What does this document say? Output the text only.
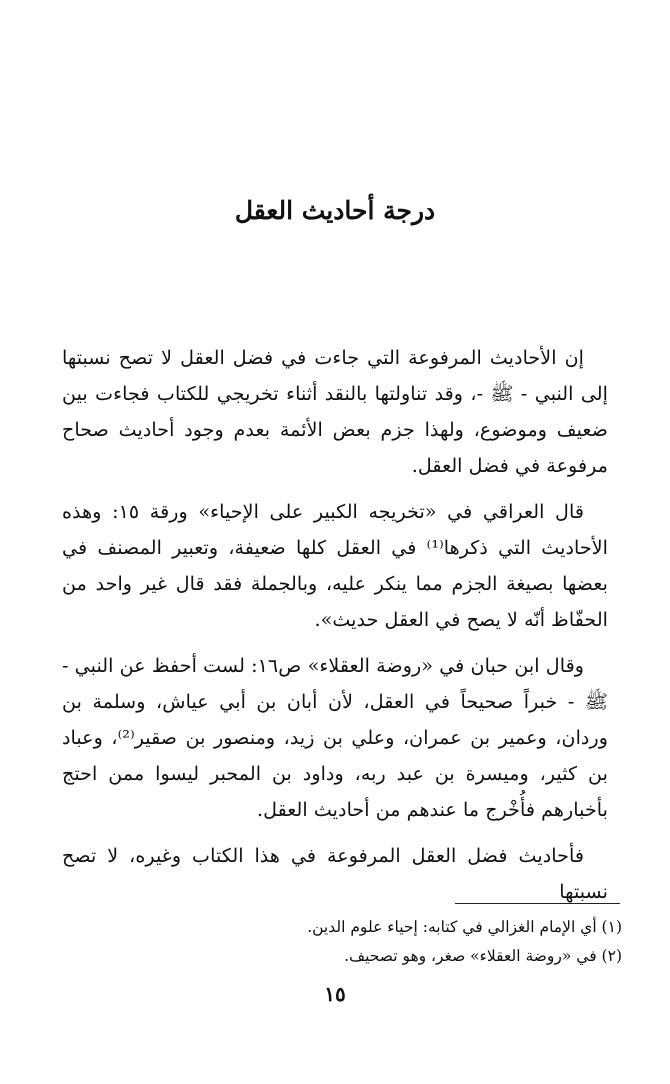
درجة أحاديث العقل

إن الأحاديث المرفوعة التي جاءت في فضل العقل لا تصح نسبتها إلى النبي - ﷺ -، وقد تناولتها بالنقد أثناء تخريجي للكتاب فجاءت بين ضعيف وموضوع، ولهذا جزم بعض الأئمة بعدم وجود أحاديث صحاح مرفوعة في فضل العقل.

قال العراقي في «تخريجه الكبير على الإحياء» ورقة ١٥: وهذه الأحاديث التي ذكرها⁽¹⁾ في العقل كلها ضعيفة، وتعبير المصنف في بعضها بصيغة الجزم مما ينكر عليه، وبالجملة فقد قال غير واحد من الحفّاظ أنّه لا يصح في العقل حديث».

وقال ابن حبان في «روضة العقلاء» ص١٦: لست أحفظ عن النبي - ﷺ - خبراً صحيحاً في العقل، لأن أبان بن أبي عياش، وسلمة بن وردان، وعمير بن عمران، وعلي بن زيد، ومنصور بن صقير⁽²⁾، وعباد بن كثير، وميسرة بن عبد ربه، وداود بن المحبر ليسوا ممن احتج بأخبارهم فأُخْرج ما عندهم من أحاديث العقل.

فأحاديث فضل العقل المرفوعة في هذا الكتاب وغيره، لا تصح نسبتها

(١) أي الإمام الغزالي في كتابه: إحياء علوم الدين.

(٢) في «روضة العقلاء» صغر، وهو تصحيف.

١٥
